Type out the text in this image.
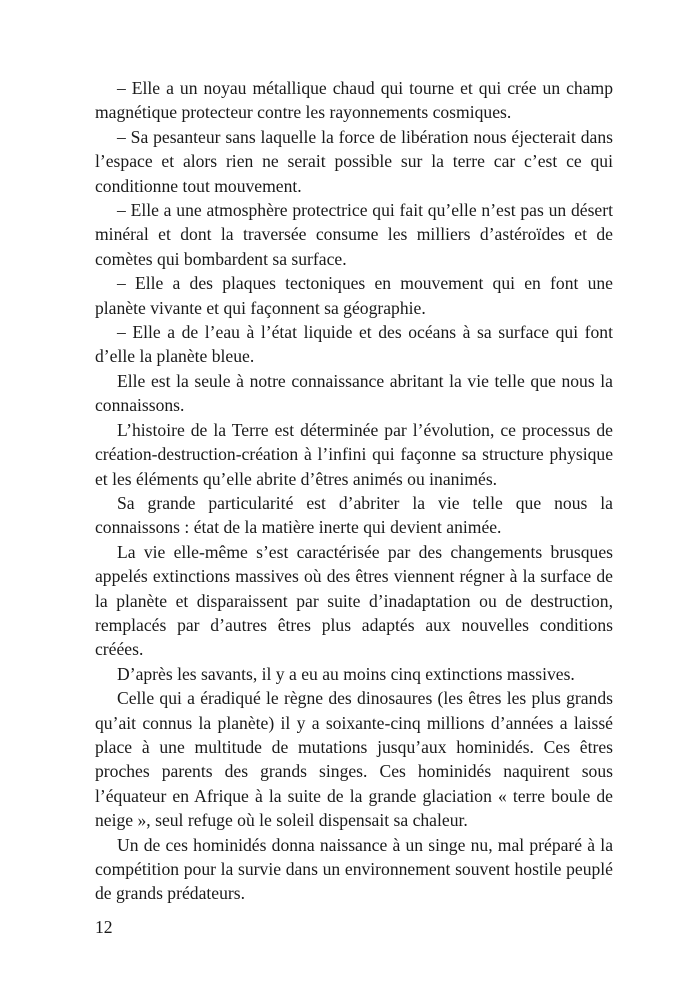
– Elle a un noyau métallique chaud qui tourne et qui crée un champ magnétique protecteur contre les rayonnements cosmiques.

– Sa pesanteur sans laquelle la force de libération nous éjecterait dans l’espace et alors rien ne serait possible sur la terre car c’est ce qui conditionne tout mouvement.

– Elle a une atmosphère protectrice qui fait qu’elle n’est pas un désert minéral et dont la traversée consume les milliers d’astéroïdes et de comètes qui bombardent sa surface.

– Elle a des plaques tectoniques en mouvement qui en font une planète vivante et qui façonnent sa géographie.

– Elle a de l’eau à l’état liquide et des océans à sa surface qui font d’elle la planète bleue.

Elle est la seule à notre connaissance abritant la vie telle que nous la connaissons.

L’histoire de la Terre est déterminée par l’évolution, ce processus de création-destruction-création à l’infini qui façonne sa structure physique et les éléments qu’elle abrite d’êtres animés ou inanimés.

Sa grande particularité est d’abriter la vie telle que nous la connaissons : état de la matière inerte qui devient animée.

La vie elle-même s’est caractérisée par des changements brusques appelés extinctions massives où des êtres viennent régner à la surface de la planète et disparaissent par suite d’inadaptation ou de destruction, remplacés par d’autres êtres plus adaptés aux nouvelles conditions créées.

D’après les savants, il y a eu au moins cinq extinctions massives.

Celle qui a éradiqué le règne des dinosaures (les êtres les plus grands qu’ait connus la planète) il y a soixante-cinq millions d’années a laissé place à une multitude de mutations jusqu’aux hominidés. Ces êtres proches parents des grands singes. Ces hominidés naquirent sous l’équateur en Afrique à la suite de la grande glaciation « terre boule de neige », seul refuge où le soleil dispensait sa chaleur.

Un de ces hominidés donna naissance à un singe nu, mal préparé à la compétition pour la survie dans un environnement souvent hostile peuplé de grands prédateurs.

12
